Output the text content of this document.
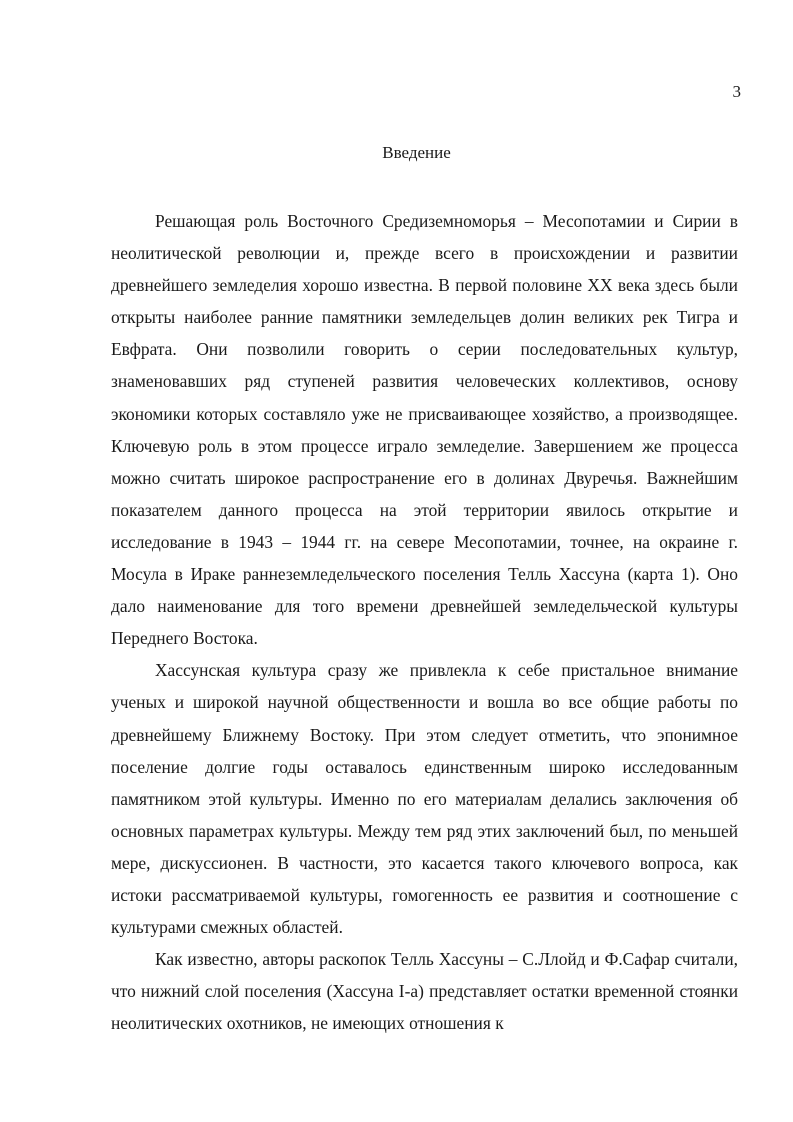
3
Введение

Решающая роль Восточного Средиземноморья – Месопотамии и Сирии в неолитической революции и, прежде всего в происхождении и развитии древнейшего земледелия хорошо известна. В первой половине XX века здесь были открыты наиболее ранние памятники земледельцев долин великих рек Тигра и Евфрата. Они позволили говорить о серии последовательных культур, знаменовавших ряд ступеней развития человеческих коллективов, основу экономики которых составляло уже не присваивающее хозяйство, а производящее. Ключевую роль в этом процессе играло земледелие. Завершением же процесса можно считать широкое распространение его в долинах Двуречья. Важнейшим показателем данного процесса на этой территории явилось открытие и исследование в 1943 – 1944 гг. на севере Месопотамии, точнее, на окраине г. Мосула в Ираке раннеземледельческого поселения Телль Хассуна (карта 1). Оно дало наименование для того времени древнейшей земледельческой культуры Переднего Востока.

Хассунская культура сразу же привлекла к себе пристальное внимание ученых и широкой научной общественности и вошла во все общие работы по древнейшему Ближнему Востоку. При этом следует отметить, что эпонимное поселение долгие годы оставалось единственным широко исследованным памятником этой культуры. Именно по его материалам делались заключения об основных параметрах культуры. Между тем ряд этих заключений был, по меньшей мере, дискуссионен. В частности, это касается такого ключевого вопроса, как истоки рассматриваемой культуры, гомогенность ее развития и соотношение с культурами смежных областей.

Как известно, авторы раскопок Телль Хассуны – С.Ллойд и Ф.Сафар считали, что нижний слой поселения (Хассуна I-а) представляет остатки временной стоянки неолитических охотников, не имеющих отношения к
